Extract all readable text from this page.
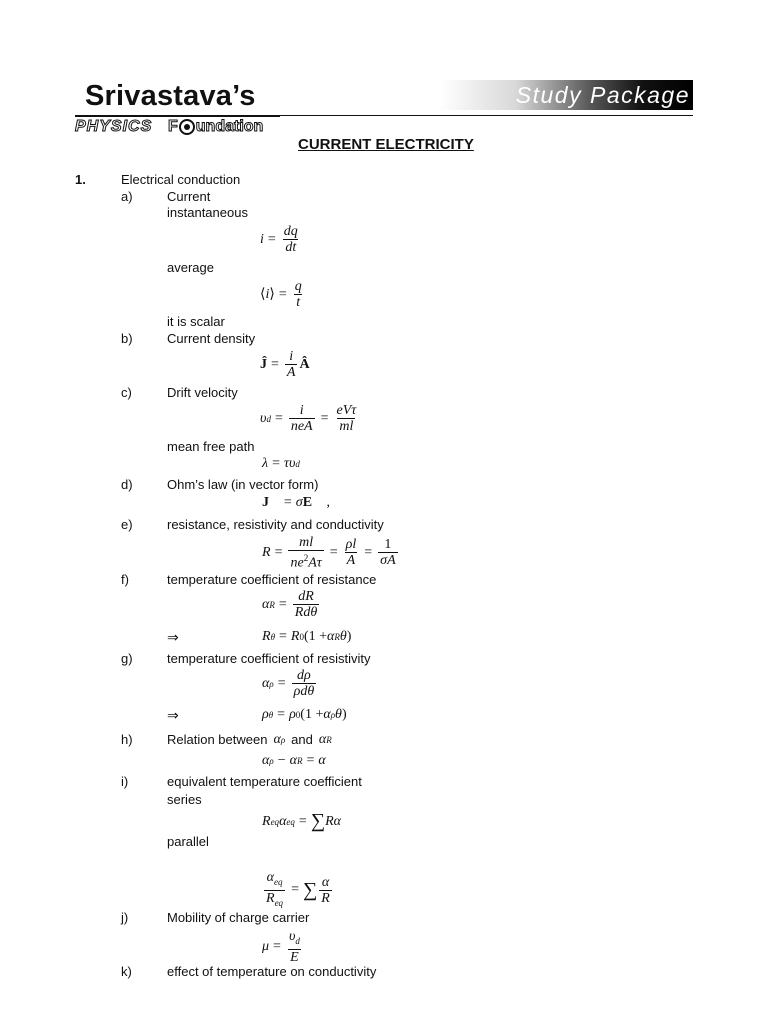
Srivastava’s
PHYSICS F undation
Study Package
CURRENT ELECTRICITY
1.	Electrical conduction
a)	Current
instantaneous
$i = \frac{dq}{dt}$
average
⟨ i ⟩ = $\frac{q}{t}$
it is scalar
b)	Current density
Ĵ = $\frac{i}{A}$ Â
c)	Drift velocity
υ $d = \frac{i}{\text{neA}} = \frac{\text{eVτ}}{ml}$
mean free path
λ = τυ d
d)	Ohm’s law (in vector form)
J⃗ = σ E⃗ ,
e)	resistance, resistivity and conductivity
$R = \frac{ml}{ne^2A\tau} = \frac{\rho l}{A} = \frac{1}{\sigma A}$
f)	temperature coefficient of resistance
α $R = \frac{dR}{\text{Rdθ}}$
⇒	R θ = R 0 (1 + α R θ )
g)	temperature coefficient of resistivity
α $\rho = \frac{d\rho}{\text{ρdθ}}$
⇒	ρ θ = ρ 0 (1 + α ρ θ )
h)	Relation between α ρ and α R
α ρ − α R = α
i)	equivalent temperature coefficient
series
R eq α eq = ∑ Rα
parallel
$\frac{\alpha_{eq}}{R_{eq}}$ = ∑ $\frac{\alpha}{R}$
j)	Mobility of charge carrier
$\mu = \frac{\upsilon_d}{E}$
k)	effect of temperature on conductivity
